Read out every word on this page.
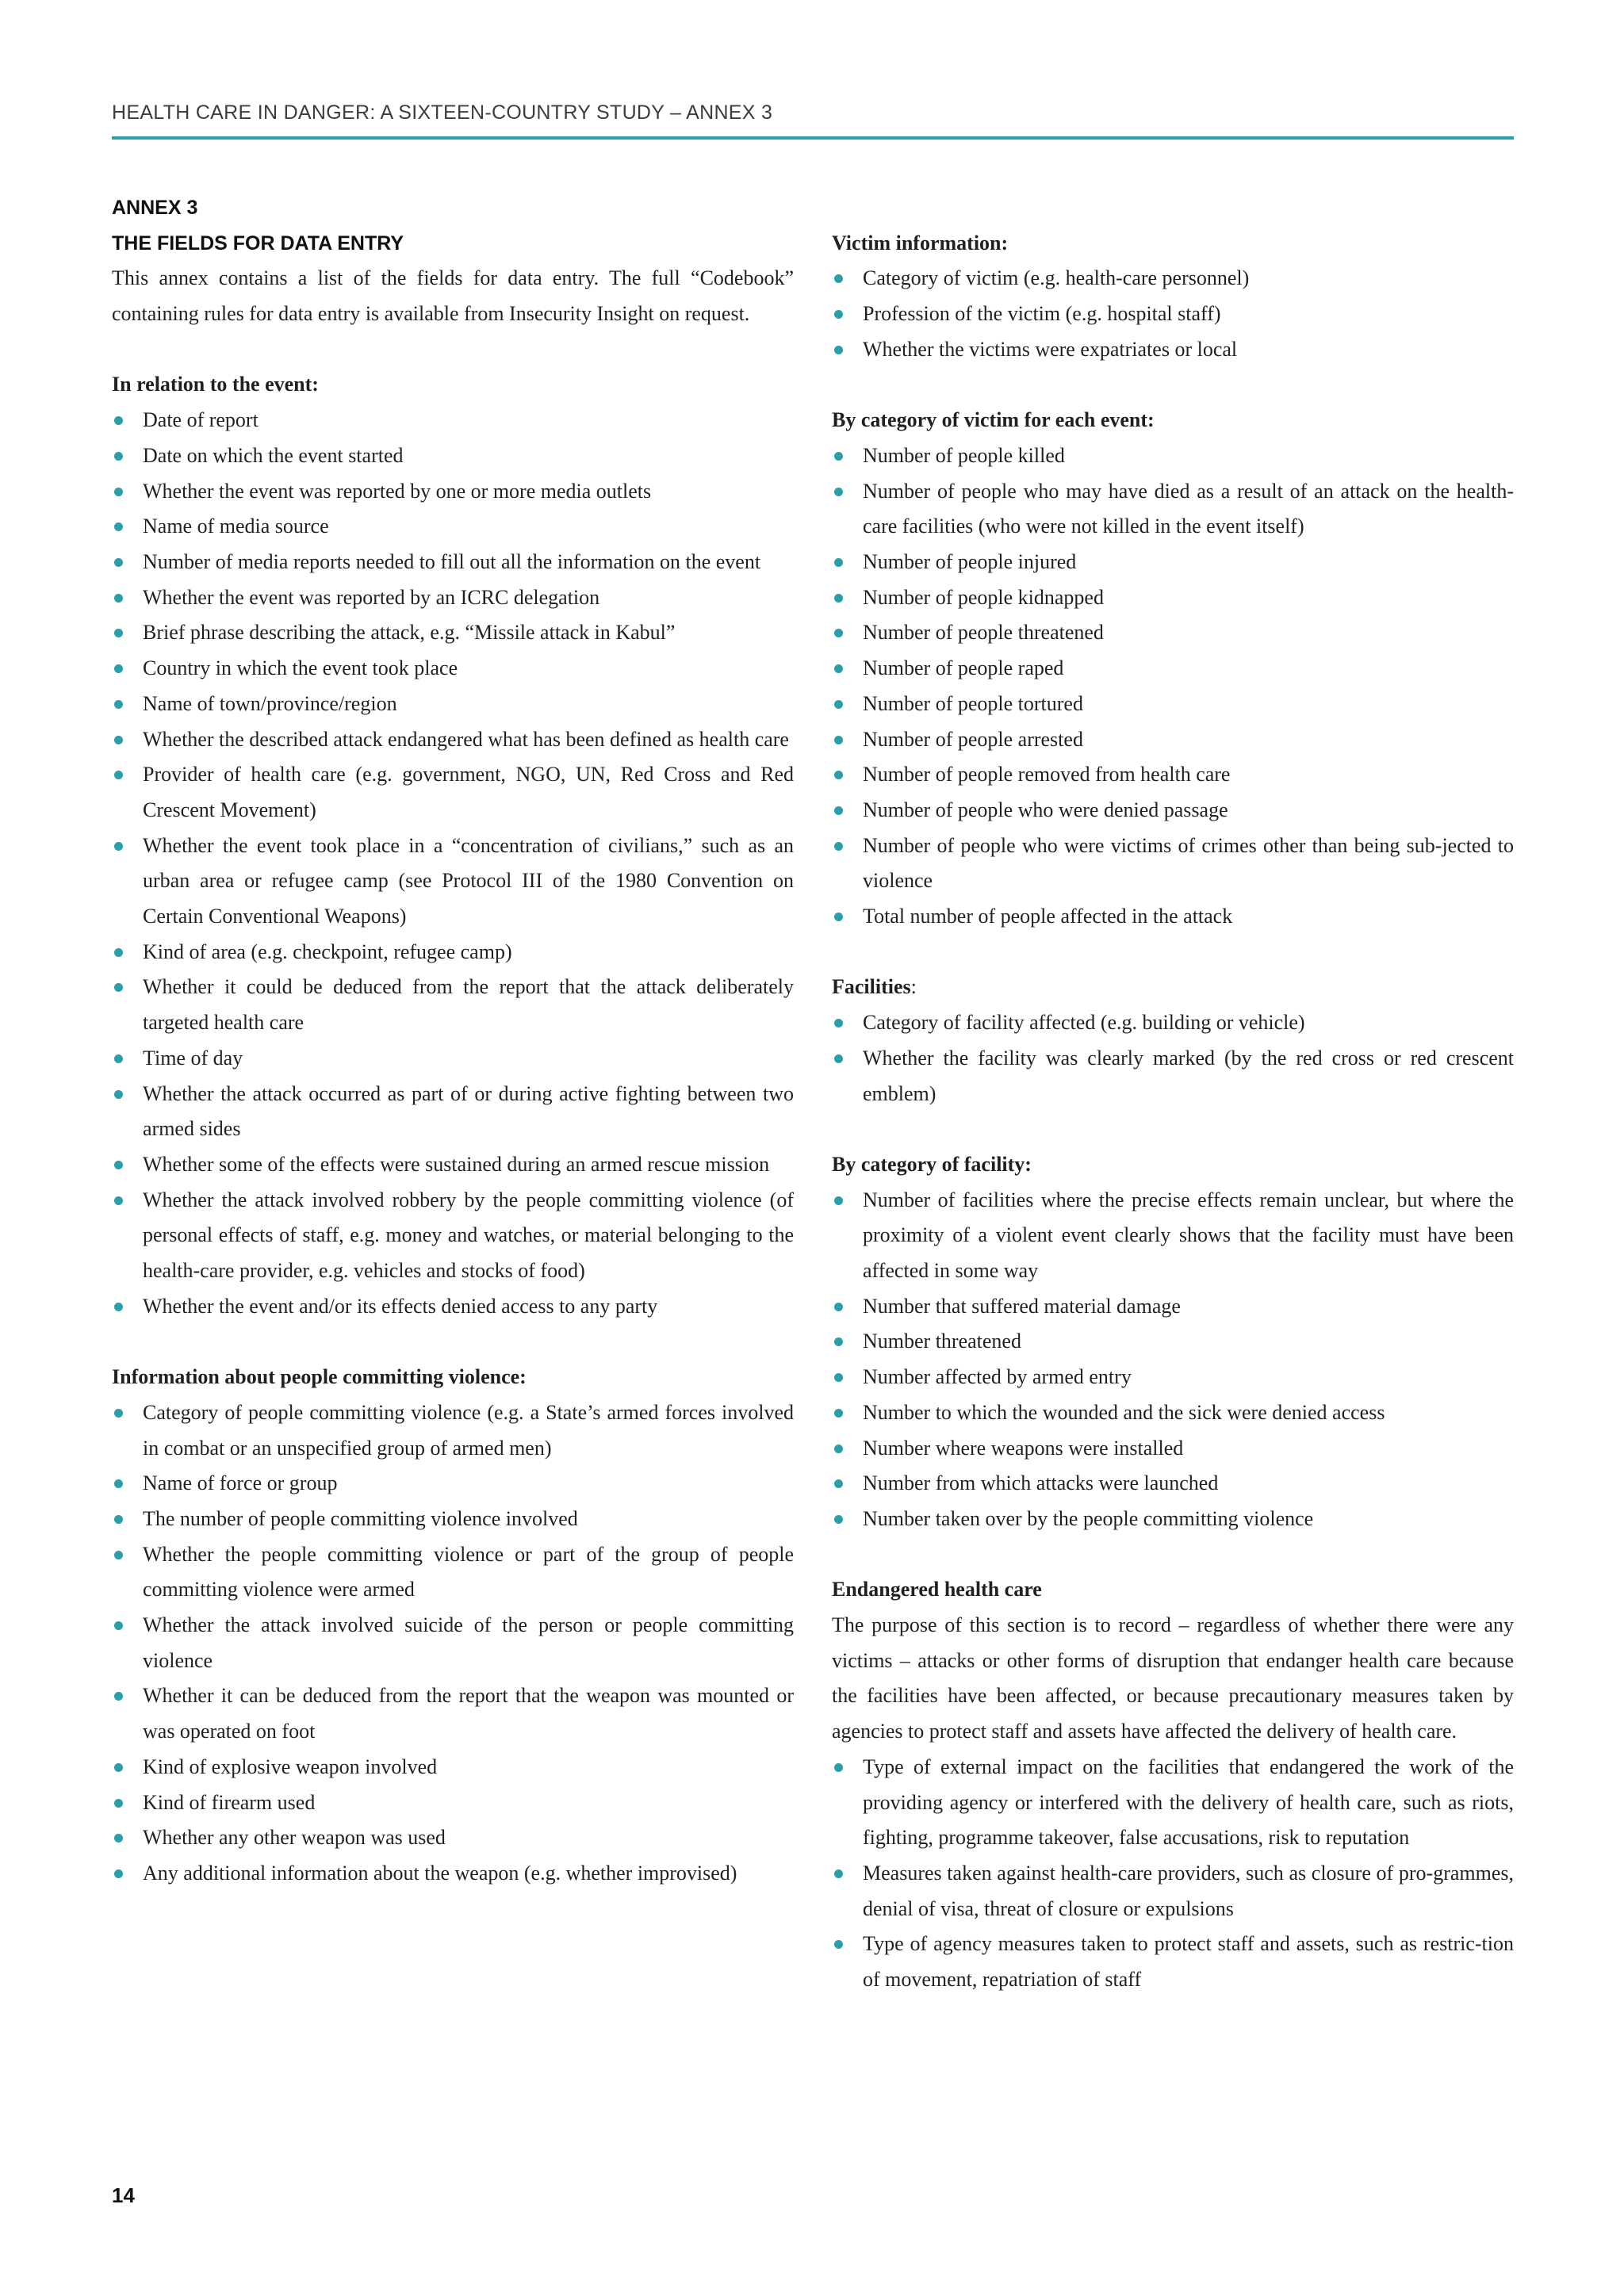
HEALTH CARE IN DANGER: A SIXTEEN-COUNTRY STUDY – ANNEX 3
ANNEX 3
THE FIELDS FOR DATA ENTRY

This annex contains a list of the fields for data entry. The full “Codebook” containing rules for data entry is available from Insecurity Insight on request.

In relation to the event:
Date of report
Date on which the event started
Whether the event was reported by one or more media outlets
Name of media source
Number of media reports needed to fill out all the information on the event
Whether the event was reported by an ICRC delegation
Brief phrase describing the attack, e.g. “Missile attack in Kabul”
Country in which the event took place
Name of town/province/region
Whether the described attack endangered what has been defined as health care
Provider of health care (e.g. government, NGO, UN, Red Cross and Red Crescent Movement)
Whether the event took place in a “concentration of civilians,” such as an urban area or refugee camp (see Protocol III of the 1980 Convention on Certain Conventional Weapons)
Kind of area (e.g. checkpoint, refugee camp)
Whether it could be deduced from the report that the attack deliberately targeted health care
Time of day
Whether the attack occurred as part of or during active fighting between two armed sides
Whether some of the effects were sustained during an armed rescue mission
Whether the attack involved robbery by the people committing violence (of personal effects of staff, e.g. money and watches, or material belonging to the health-care provider, e.g. vehicles and stocks of food)
Whether the event and/or its effects denied access to any party
Information about people committing violence:
Category of people committing violence (e.g. a State’s armed forces involved in combat or an unspecified group of armed men)
Name of force or group
The number of people committing violence involved
Whether the people committing violence or part of the group of people committing violence were armed
Whether the attack involved suicide of the person or people committing violence
Whether it can be deduced from the report that the weapon was mounted or was operated on foot
Kind of explosive weapon involved
Kind of firearm used
Whether any other weapon was used
Any additional information about the weapon (e.g. whether improvised)
Victim information:
Category of victim (e.g. health-care personnel)
Profession of the victim (e.g. hospital staff)
Whether the victims were expatriates or local
By category of victim for each event:
Number of people killed
Number of people who may have died as a result of an attack on the health-care facilities (who were not killed in the event itself)
Number of people injured
Number of people kidnapped
Number of people threatened
Number of people raped
Number of people tortured
Number of people arrested
Number of people removed from health care
Number of people who were denied passage
Number of people who were victims of crimes other than being sub-jected to violence
Total number of people affected in the attack
Facilities:
Category of facility affected (e.g. building or vehicle)
Whether the facility was clearly marked (by the red cross or red crescent emblem)
By category of facility:
Number of facilities where the precise effects remain unclear, but where the proximity of a violent event clearly shows that the facility must have been affected in some way
Number that suffered material damage
Number threatened
Number affected by armed entry
Number to which the wounded and the sick were denied access
Number where weapons were installed
Number from which attacks were launched
Number taken over by the people committing violence
Endangered health care

The purpose of this section is to record – regardless of whether there were any victims – attacks or other forms of disruption that endanger health care because the facilities have been affected, or because precautionary measures taken by agencies to protect staff and assets have affected the delivery of health care.

Type of external impact on the facilities that endangered the work of the providing agency or interfered with the delivery of health care, such as riots, fighting, programme takeover, false accusations, risk to reputation
Measures taken against health-care providers, such as closure of pro-grammes, denial of visa, threat of closure or expulsions
Type of agency measures taken to protect staff and assets, such as restric-tion of movement, repatriation of staff
14
